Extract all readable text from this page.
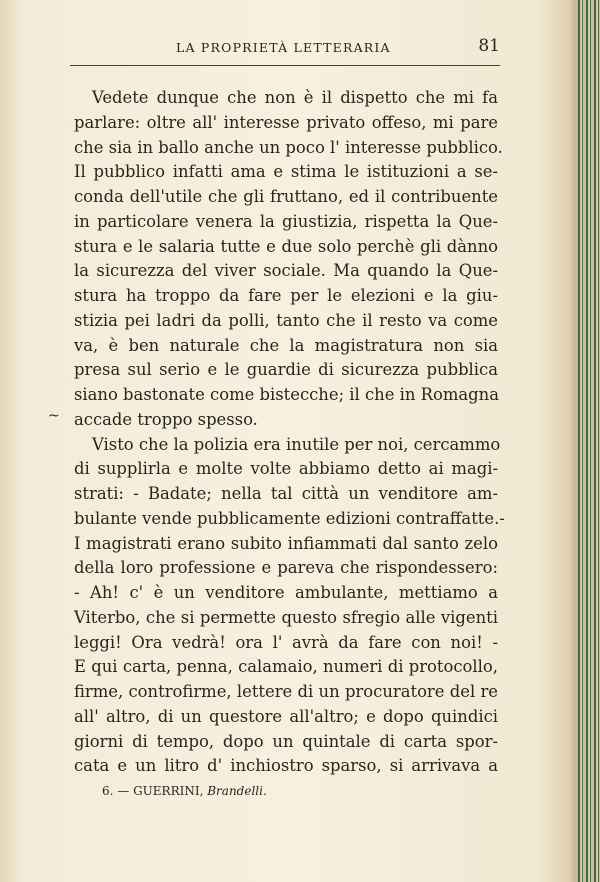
LA PROPRIETÀ LETTERARIA	81
Vedete dunque che non è il dispetto che mi fa
parlare: oltre all' interesse privato offeso, mi pare
che sia in ballo anche un poco l' interesse pubblico.
Il pubblico infatti ama e stima le istituzioni a se-
conda dell'utile che gli fruttano, ed il contribuente
in particolare venera la giustizia, rispetta la Que-
stura e le salaria tutte e due solo perchè gli dànno
la sicurezza del viver sociale. Ma quando la Que-
stura ha troppo da fare per le elezioni e la giu-
stizia pei ladri da polli, tanto che il resto va come
va, è ben naturale che la magistratura non sia
presa sul serio e le guardie di sicurezza pubblica
siano bastonate come bistecche; il che in Romagna
accade troppo spesso.
Visto che la polizia era inutile per noi, cercammo
di supplirla e molte volte abbiamo detto ai magi-
strati: - Badate; nella tal città un venditore am-
bulante vende pubblicamente edizioni contraffatte.-
I magistrati erano subito infiammati dal santo zelo
della loro professione e pareva che rispondessero:
- Ah! c' è un venditore ambulante, mettiamo a
Viterbo, che si permette questo sfregio alle vigenti
leggi! Ora vedrà! ora l' avrà da fare con noi! -
E qui carta, penna, calamaio, numeri di protocollo,
firme, controfirme, lettere di un procuratore del re
all' altro, di un questore all'altro; e dopo quindici
giorni di tempo, dopo un quintale di carta spor-
cata e un litro d' inchiostro sparso, si arrivava a
~
6. — GUERRINI, Brandelli.
